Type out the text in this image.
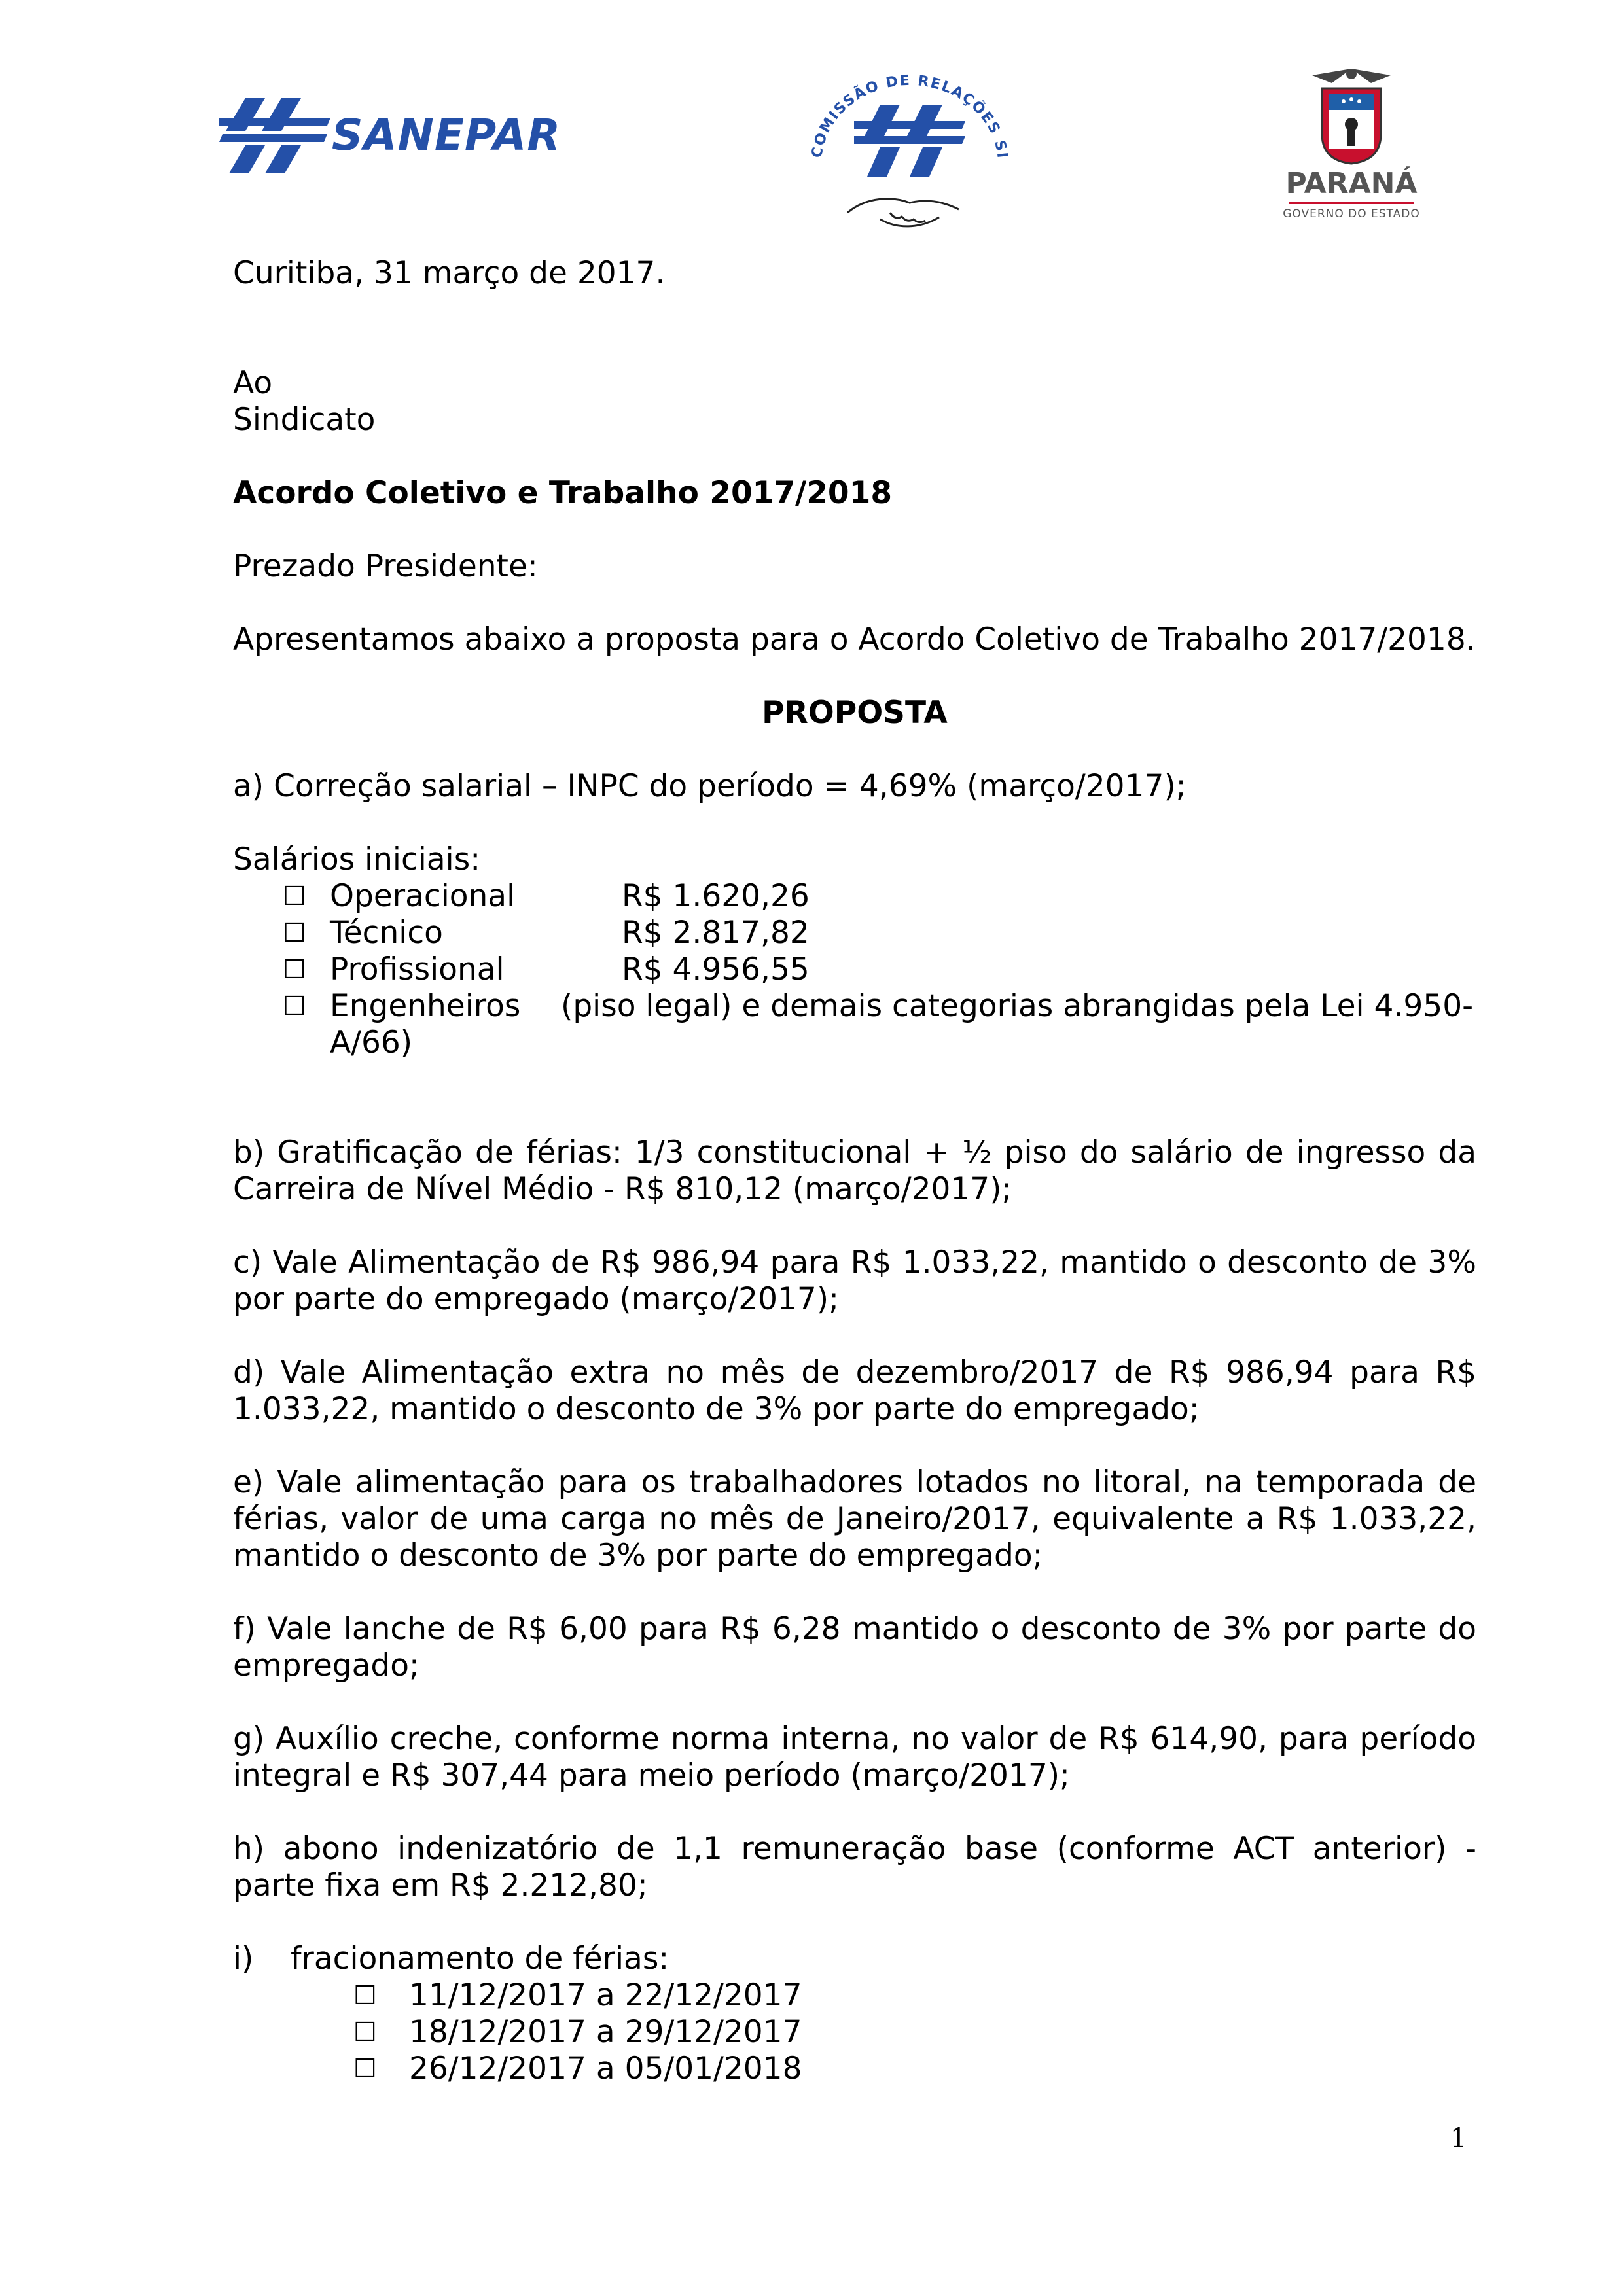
SANEPAR	COMISSÃO DE RELAÇÕES SI
PARANÁ
GOVERNO DO ESTADO
Curitiba, 31 março de 2017.
Ao
Sindicato
Acordo Coletivo e Trabalho 2017/2018
Prezado Presidente:
Apresentamos abaixo a proposta para o Acordo Coletivo de Trabalho 2017/2018.
PROPOSTA
a) Correção salarial – INPC do período = 4,69% (março/2017);
Salários iniciais:
☐ Operacional	R$ 1.620,26
☐ Técnico	R$ 2.817,82
☐ Profissional	R$ 4.956,55
☐ Engenheiros (piso legal) e demais categorias abrangidas pela Lei 4.950-
A/66)
b) Gratificação de férias: 1/3 constitucional + ½ piso do salário de ingresso da Carreira de Nível Médio - R$ 810,12 (março/2017);
c) Vale Alimentação de R$ 986,94 para R$ 1.033,22, mantido o desconto de 3% por parte do empregado (março/2017);
d) Vale Alimentação extra no mês de dezembro/2017 de R$ 986,94 para R$ 1.033,22, mantido o desconto de 3% por parte do empregado;
e) Vale alimentação para os trabalhadores lotados no litoral, na temporada de férias, valor de uma carga no mês de Janeiro/2017, equivalente a R$ 1.033,22, mantido o desconto de 3% por parte do empregado;
f) Vale lanche de R$ 6,00 para R$ 6,28 mantido o desconto de 3% por parte do empregado;
g) Auxílio creche, conforme norma interna, no valor de R$ 614,90, para período integral e R$ 307,44 para meio período (março/2017);
h) abono indenizatório de 1,1 remuneração base (conforme ACT anterior) - parte fixa em R$ 2.212,80;
i) fracionamento de férias:
☐ 11/12/2017 a 22/12/2017
☐ 18/12/2017 a 29/12/2017
☐ 26/12/2017 a 05/01/2018
1
